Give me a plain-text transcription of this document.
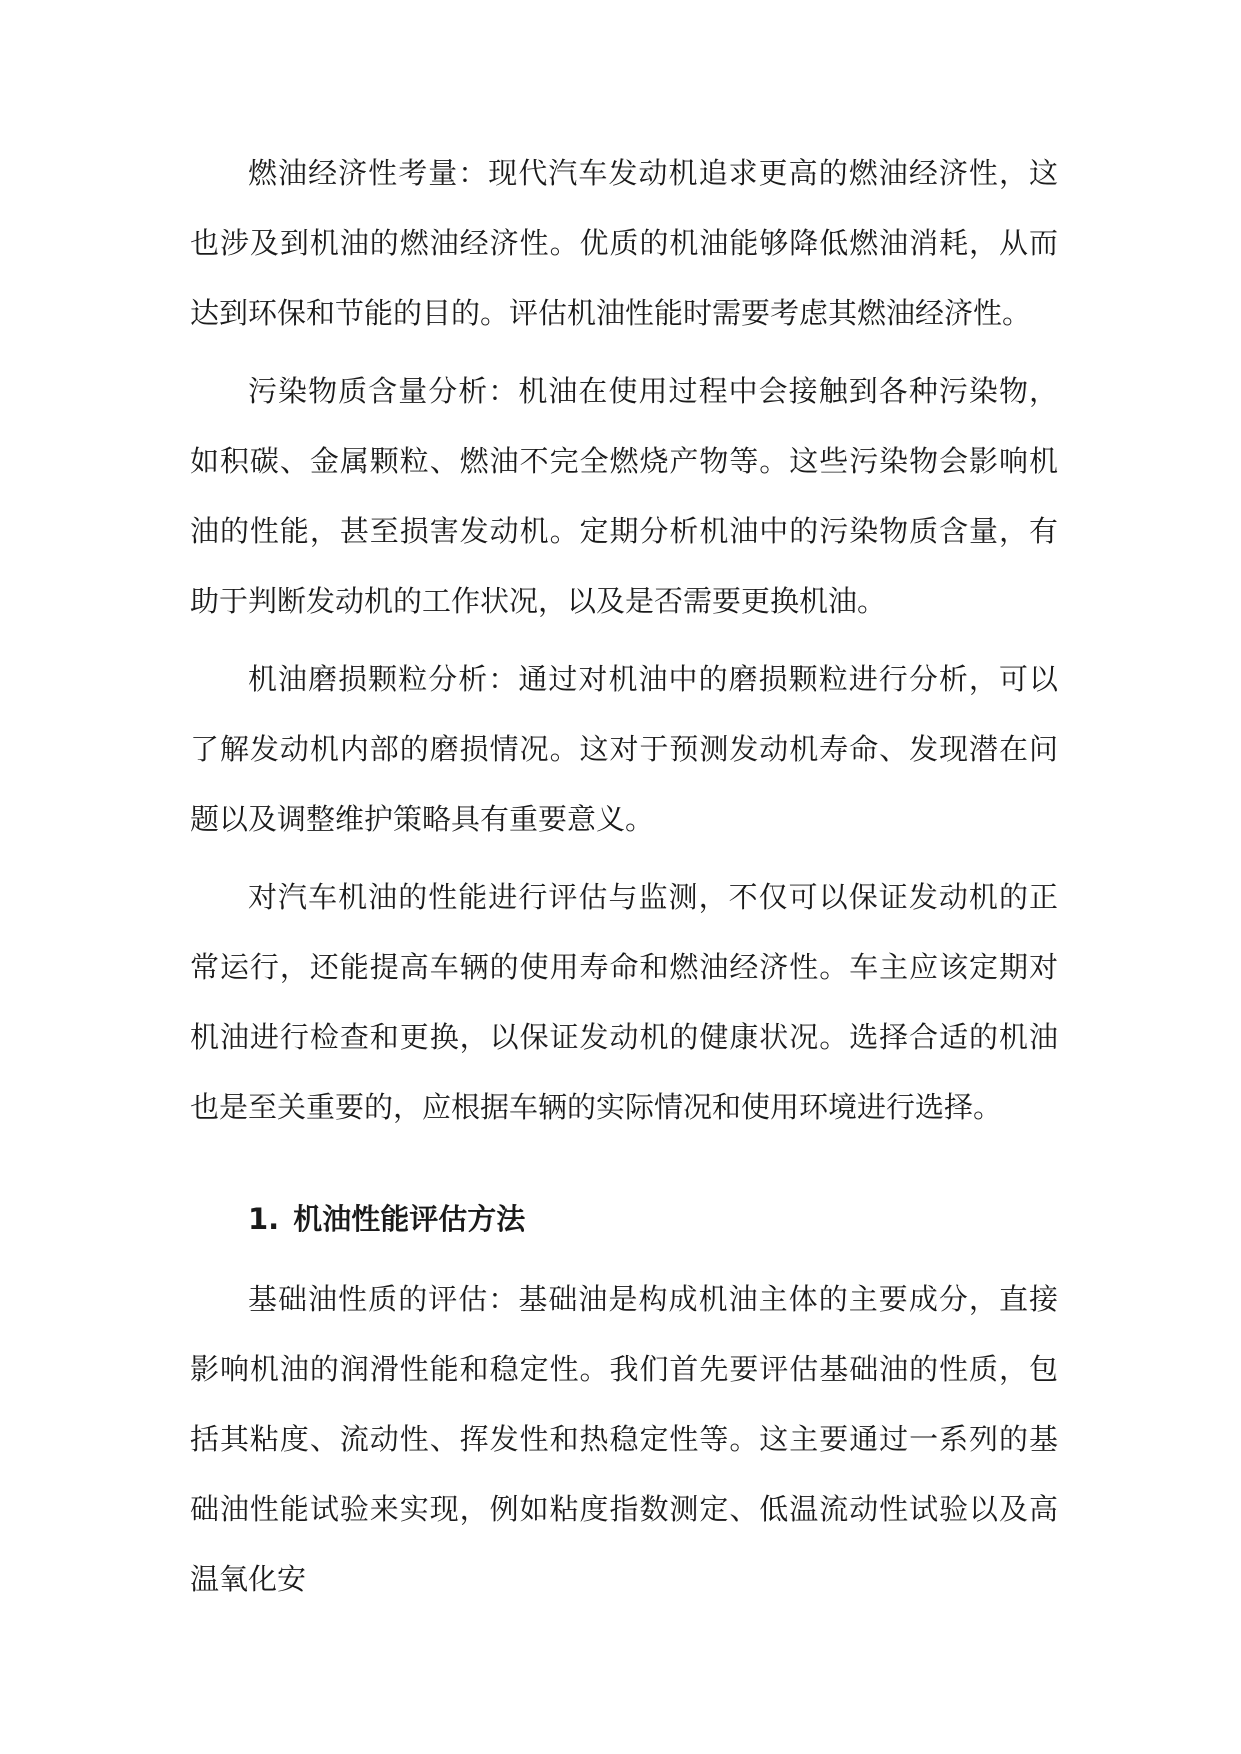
燃油经济性考量：现代汽车发动机追求更高的燃油经济性，这也涉及到机油的燃油经济性。优质的机油能够降低燃油消耗，从而达到环保和节能的目的。评估机油性能时需要考虑其燃油经济性。

污染物质含量分析：机油在使用过程中会接触到各种污染物，如积碳、金属颗粒、燃油不完全燃烧产物等。这些污染物会影响机油的性能，甚至损害发动机。定期分析机油中的污染物质含量，有助于判断发动机的工作状况，以及是否需要更换机油。

机油磨损颗粒分析：通过对机油中的磨损颗粒进行分析，可以了解发动机内部的磨损情况。这对于预测发动机寿命、发现潜在问题以及调整维护策略具有重要意义。

对汽车机油的性能进行评估与监测，不仅可以保证发动机的正常运行，还能提高车辆的使用寿命和燃油经济性。车主应该定期对机油进行检查和更换，以保证发动机的健康状况。选择合适的机油也是至关重要的，应根据车辆的实际情况和使用环境进行选择。

1. 机油性能评估方法

基础油性质的评估：基础油是构成机油主体的主要成分，直接影响机油的润滑性能和稳定性。我们首先要评估基础油的性质，包括其粘度、流动性、挥发性和热稳定性等。这主要通过一系列的基础油性能试验来实现，例如粘度指数测定、低温流动性试验以及高温氧化安
